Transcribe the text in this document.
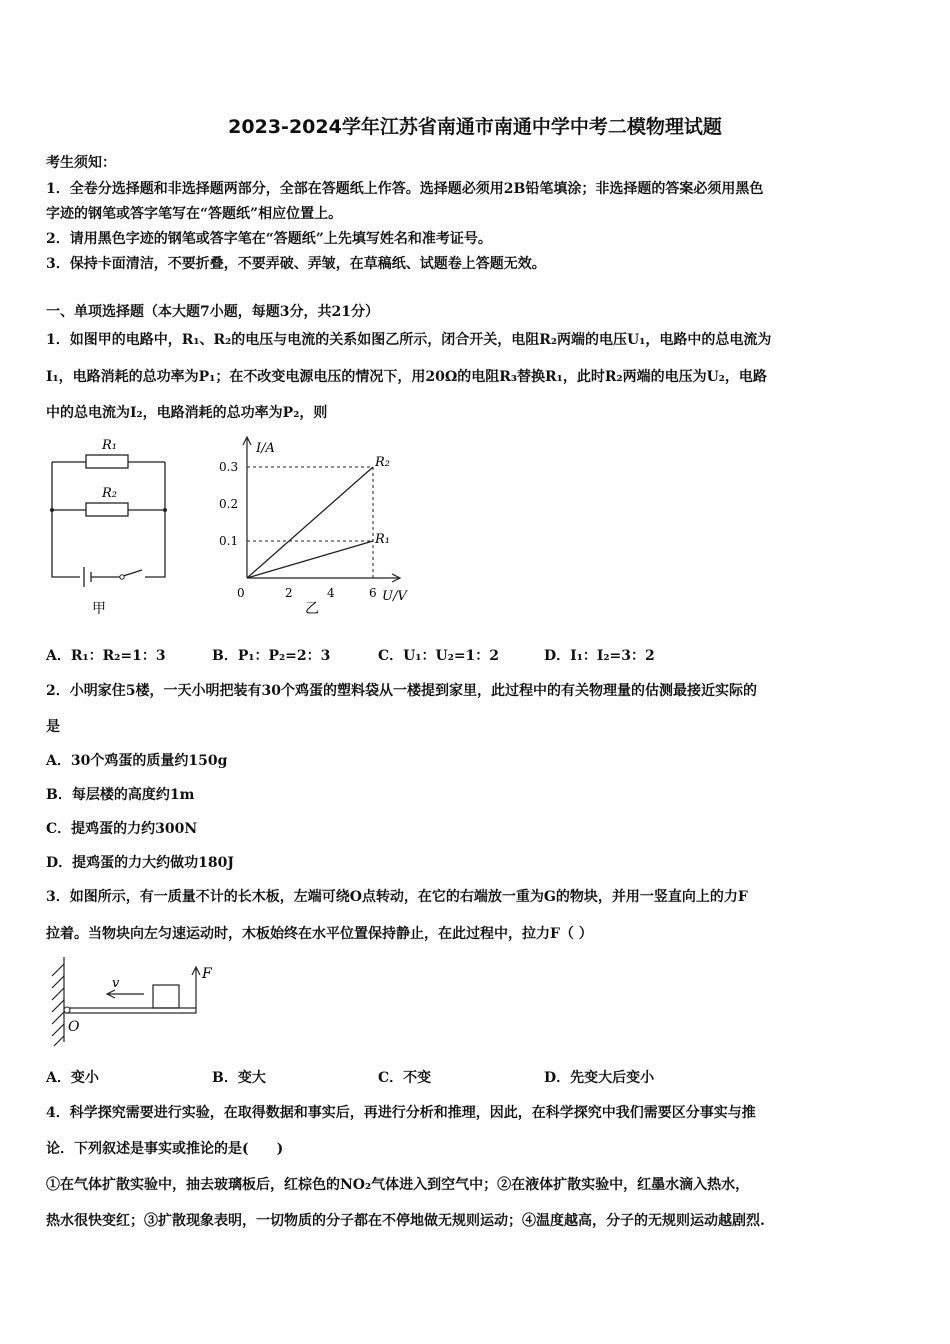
2023-2024学年江苏省南通市南通中学中考二模物理试题
考生须知：
1．全卷分选择题和非选择题两部分，全部在答题纸上作答。选择题必须用2B铅笔填涂；非选择题的答案必须用黑色
字迹的钢笔或答字笔写在“答题纸”相应位置上。
2．请用黑色字迹的钢笔或答字笔在“答题纸”上先填写姓名和准考证号。
3．保持卡面清洁，不要折叠，不要弄破、弄皱，在草稿纸、试题卷上答题无效。
一、单项选择题（本大题7小题，每题3分，共21分）
1．如图甲的电路中，R₁、R₂的电压与电流的关系如图乙所示，闭合开关，电阻R₂两端的电压U₁，电路中的总电流为
I₁，电路消耗的总功率为P₁；在不改变电源电压的情况下，用20Ω的电阻R₃替换R₁，此时R₂两端的电压为U₂，电路
中的总电流为I₂，电路消耗的总功率为P₂，则
R₁
R₂
甲
0.3
0.2
0.1
0	2	4	6
I/A
U/V
乙
R₂
R₁
A．R₁：R₂=1：3	B．P₁：P₂=2：3	C．U₁：U₂=1：2	D．I₁：I₂=3：2
2．小明家住5楼，一天小明把装有30个鸡蛋的塑料袋从一楼提到家里，此过程中的有关物理量的估测最接近实际的
是
A．30个鸡蛋的质量约150g
B．每层楼的高度约1m
C．提鸡蛋的力约300N
D．提鸡蛋的力大约做功180J
3．如图所示，有一质量不计的长木板，左端可绕O点转动，在它的右端放一重为G的物块，并用一竖直向上的力F
拉着。当物块向左匀速运动时，木板始终在水平位置保持静止，在此过程中，拉力F（ ）
F
v
O
A．变小	B．变大	C．不变	D．先变大后变小
4．科学探究需要进行实验，在取得数据和事实后，再进行分析和推理，因此，在科学探究中我们需要区分事实与推
论．下列叙述是事实或推论的是(　　)
①在气体扩散实验中，抽去玻璃板后，红棕色的NO₂气体进入到空气中；②在液体扩散实验中，红墨水滴入热水，
热水很快变红；③扩散现象表明，一切物质的分子都在不停地做无规则运动；④温度越高，分子的无规则运动越剧烈.
